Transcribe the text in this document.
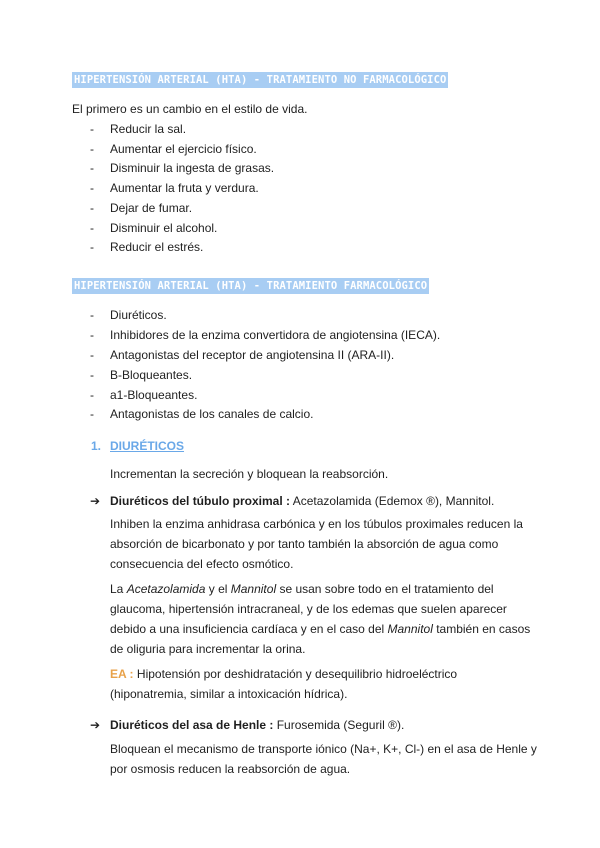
HIPERTENSIÓN ARTERIAL (HTA) - TRATAMIENTO NO FARMACOLÓGICO
El primero es un cambio en el estilo de vida.
-	Reducir la sal.
-	Aumentar el ejercicio físico.
-	Disminuir la ingesta de grasas.
-	Aumentar la fruta y verdura.
-	Dejar de fumar.
-	Disminuir el alcohol.
-	Reducir el estrés.
HIPERTENSIÓN ARTERIAL (HTA) - TRATAMIENTO FARMACOLÓGICO
-	Diuréticos.
-	Inhibidores de la enzima convertidora de angiotensina (IECA).
-	Antagonistas del receptor de angiotensina II (ARA-II).
-	B-Bloqueantes.
-	a1-Bloqueantes.
-	Antagonistas de los canales de calcio.
1. DIURÉTICOS
Incrementan la secreción y bloquean la reabsorción.
➔ Diuréticos del túbulo proximal : Acetazolamida (Edemox ®), Mannitol.
Inhiben la enzima anhidrasa carbónica y en los túbulos proximales reducen la
absorción de bicarbonato y por tanto también la absorción de agua como
consecuencia del efecto osmótico.
La Acetazolamida y el Mannitol se usan sobre todo en el tratamiento del
glaucoma, hipertensión intracraneal, y de los edemas que suelen aparecer
debido a una insuficiencia cardíaca y en el caso del Mannitol también en casos
de oliguria para incrementar la orina.
EA : Hipotensión por deshidratación y desequilibrio hidroeléctrico
(hiponatremia, similar a intoxicación hídrica).
➔ Diuréticos del asa de Henle : Furosemida (Seguril ®).
Bloquean el mecanismo de transporte iónico (Na+, K+, Cl-) en el asa de Henle y
por osmosis reducen la reabsorción de agua.
